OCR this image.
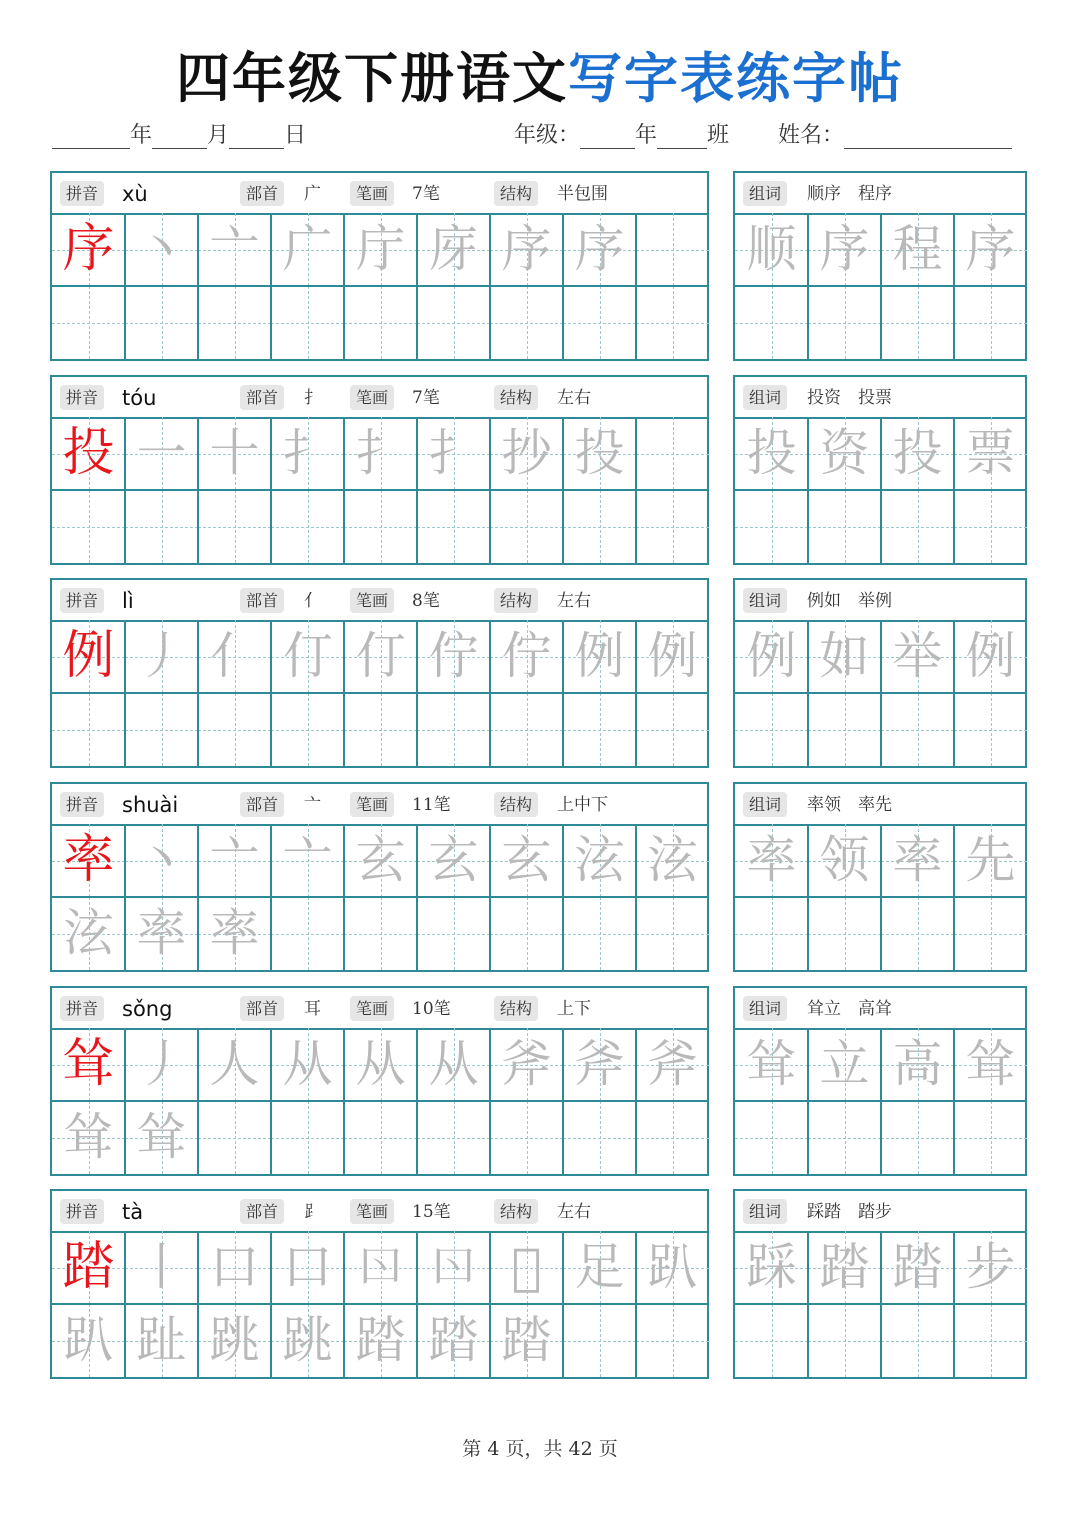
四年级下册语文写字表练字帖
年	月	日	年级：	年 班 姓名：
拼音 xù	部首	广	笔画	7笔	结构	半包围
序 丶 亠 广 庁 庌 序 序
组词	顺序　程序
顺 序 程 序
拼音 tóu	部首	扌	笔画	7笔	结构	左右
投 一 十 扌 扌 扌 抄 投
组词	投资　投票
投 资 投 票
拼音 lì	部首	亻	笔画	8笔	结构	左右
例 丿 亻 仃 仃 佇 佇 例 例
组词	例如　举例
例 如 举 例
拼音 shuài	部首	亠	笔画	11笔	结构	上中下
率 丶 亠 亠 玄 玄 玄 泫 泫
泫 率 率
组词	率领　率先
率 领 率 先
拼音 sǒng	部首	耳	笔画	10笔	结构	上下
耸 丿 人 从 从 从 斧 斧 斧
耸 耸
组词	耸立　高耸
耸 立 高 耸
拼音 tà	部首	⻊	笔画	15笔	结构	左右
踏 丨 口 口 𠮚 𠮚 𠯁 足 趴
趴 趾 跳 跳 踏 踏 踏
组词	踩踏　踏步
踩 踏 踏 步
第 4 页，共 42 页
